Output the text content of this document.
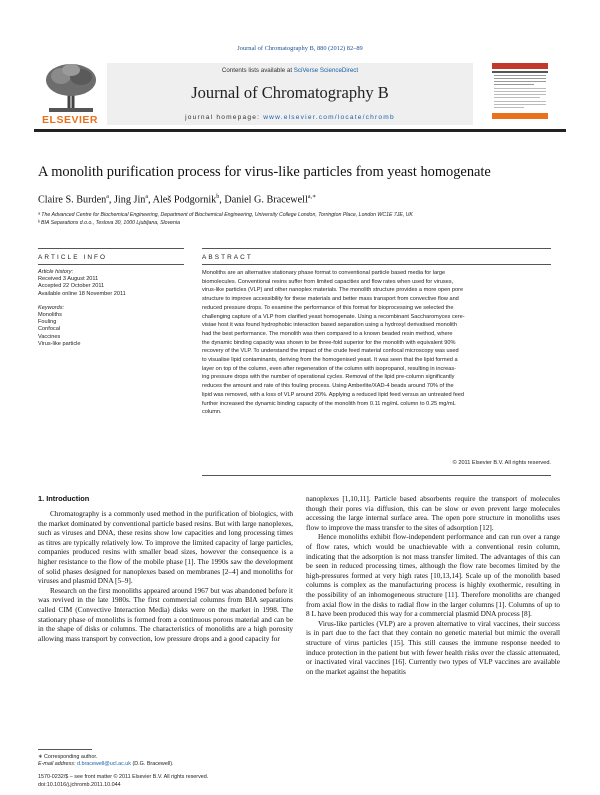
Journal of Chromatography B, 880 (2012) 82–89
ELSEVIER
Contents lists available at SciVerse ScienceDirect
Journal of Chromatography B
journal homepage: www.elsevier.com/locate/chromb
A monolith purification process for virus-like particles from yeast homogenate
Claire S. Burden$^a$, Jing Jin$^a$, Aleš Podgornik$^b$, Daniel G. Bracewell$^{a,∗}$
ᵃ The Advanced Centre for Biochemical Engineering, Department of Biochemical Engineering, University College London, Torrington Place, London WC1E 7JE, UK
ᵇ BIA Separations d.o.o., Teslova 30, 1000 Ljubljana, Slovenia
ARTICLE INFO	ABSTRACT
Article history:
Received 3 August 2011
Accepted 22 October 2011
Available online 18 November 2011
Keywords:
Monoliths
Fouling
Confocal
Vaccines
Virus-like particle
Monoliths are an alternative stationary phase format to conventional particle based media for large
biomolecules. Conventional resins suffer from limited capacities and flow rates when used for viruses,
virus-like particles (VLP) and other nanoplex materials. The monolith structure provides a more open pore
structure to improve accessibility for these materials and better mass transport from convective flow and
reduced pressure drops. To examine the performance of this format for bioprocessing we selected the
challenging capture of a VLP from clarified yeast homogenate. Using a recombinant Saccharomyces cere-
visiae host it was found hydrophobic interaction based separation using a hydroxyl derivatised monolith
had the best performance. The monolith was then compared to a known beaded resin method, where
the dynamic binding capacity was shown to be three-fold superior for the monolith with equivalent 90%
recovery of the VLP. To understand the impact of the crude feed material confocal microscopy was used
to visualise lipid contaminants, deriving from the homogenised yeast. It was seen that the lipid formed a
layer on top of the column, even after regeneration of the column with isopropanol, resulting in increas-
ing pressure drops with the number of operational cycles. Removal of the lipid pre-column significantly
reduces the amount and rate of this fouling process. Using Amberlite/XAD-4 beads around 70% of the
lipid was removed, with a loss of VLP around 20%. Applying a reduced lipid feed versus an untreated feed
further increased the dynamic binding capacity of the monolith from 0.11 mg/mL column to 0.25 mg/mL
column.
© 2011 Elsevier B.V. All rights reserved.
1. Introduction

Chromatography is a commonly used method in the purification of biologics, with the market dominated by conventional particle based resins. But with large nanoplexes, such as viruses and DNA, these resins show low capacities and long processing times as titres are typically relatively low. To improve the limited capacity of large particles, companies produced resins with smaller bead sizes, however the consequence is a higher resistance to the flow of the mobile phase [1]. The 1990s saw the development of solid phases designed for nanoplexes based on membranes [2–4] and monoliths for viruses and plasmid DNA [5–9].

Research on the first monoliths appeared around 1967 but was abandoned before it was revived in the late 1980s. The first commercial columns from BIA separations called CIM (Convective Interaction Media) disks were on the market in 1998. The stationary phase of monoliths is formed from a continuous porous material and can be in the shape of disks or columns. The characteristics of monoliths are a high porosity allowing mass transport by convection, low pressure drops and a good capacity for

nanoplexes [1,10,11]. Particle based absorbents require the transport of molecules though their pores via diffusion, this can be slow or even prevent large molecules accessing the large internal surface area. The open pore structure in monoliths uses flow to improve the mass transfer to the sites of adsorption [12].

Hence monoliths exhibit flow-independent performance and can run over a range of flow rates, which would be unachievable with a conventional resin column, indicating that the adsorption is not mass transfer limited. The advantages of this can be seen in reduced processing times, although the flow rate becomes limited by the high-pressures formed at very high rates [10,13,14]. Scale up of the monolith based columns is complex as the manufacturing process is highly exothermic, resulting in the possibility of an inhomogeneous structure [11]. Therefore monoliths are changed from axial flow in the disks to radial flow in the larger columns [1]. Columns of up to 8 L have been produced this way for a commercial plasmid DNA process [8].

Virus-like particles (VLP) are a proven alternative to viral vaccines, their success is in part due to the fact that they contain no genetic material but mimic the overall structure of virus particles [15]. This still causes the immune response needed to induce protection in the patient but with fewer health risks over the classic attenuated, or inactivated viral vaccines [16]. Currently two types of VLP vaccines are available on the market against the hepatitis

∗ Corresponding author.
E-mail address: d.bracewell@ucl.ac.uk (D.G. Bracewell).
1570-0232/$ – see front matter © 2011 Elsevier B.V. All rights reserved.
doi:10.1016/j.jchromb.2011.10.044
